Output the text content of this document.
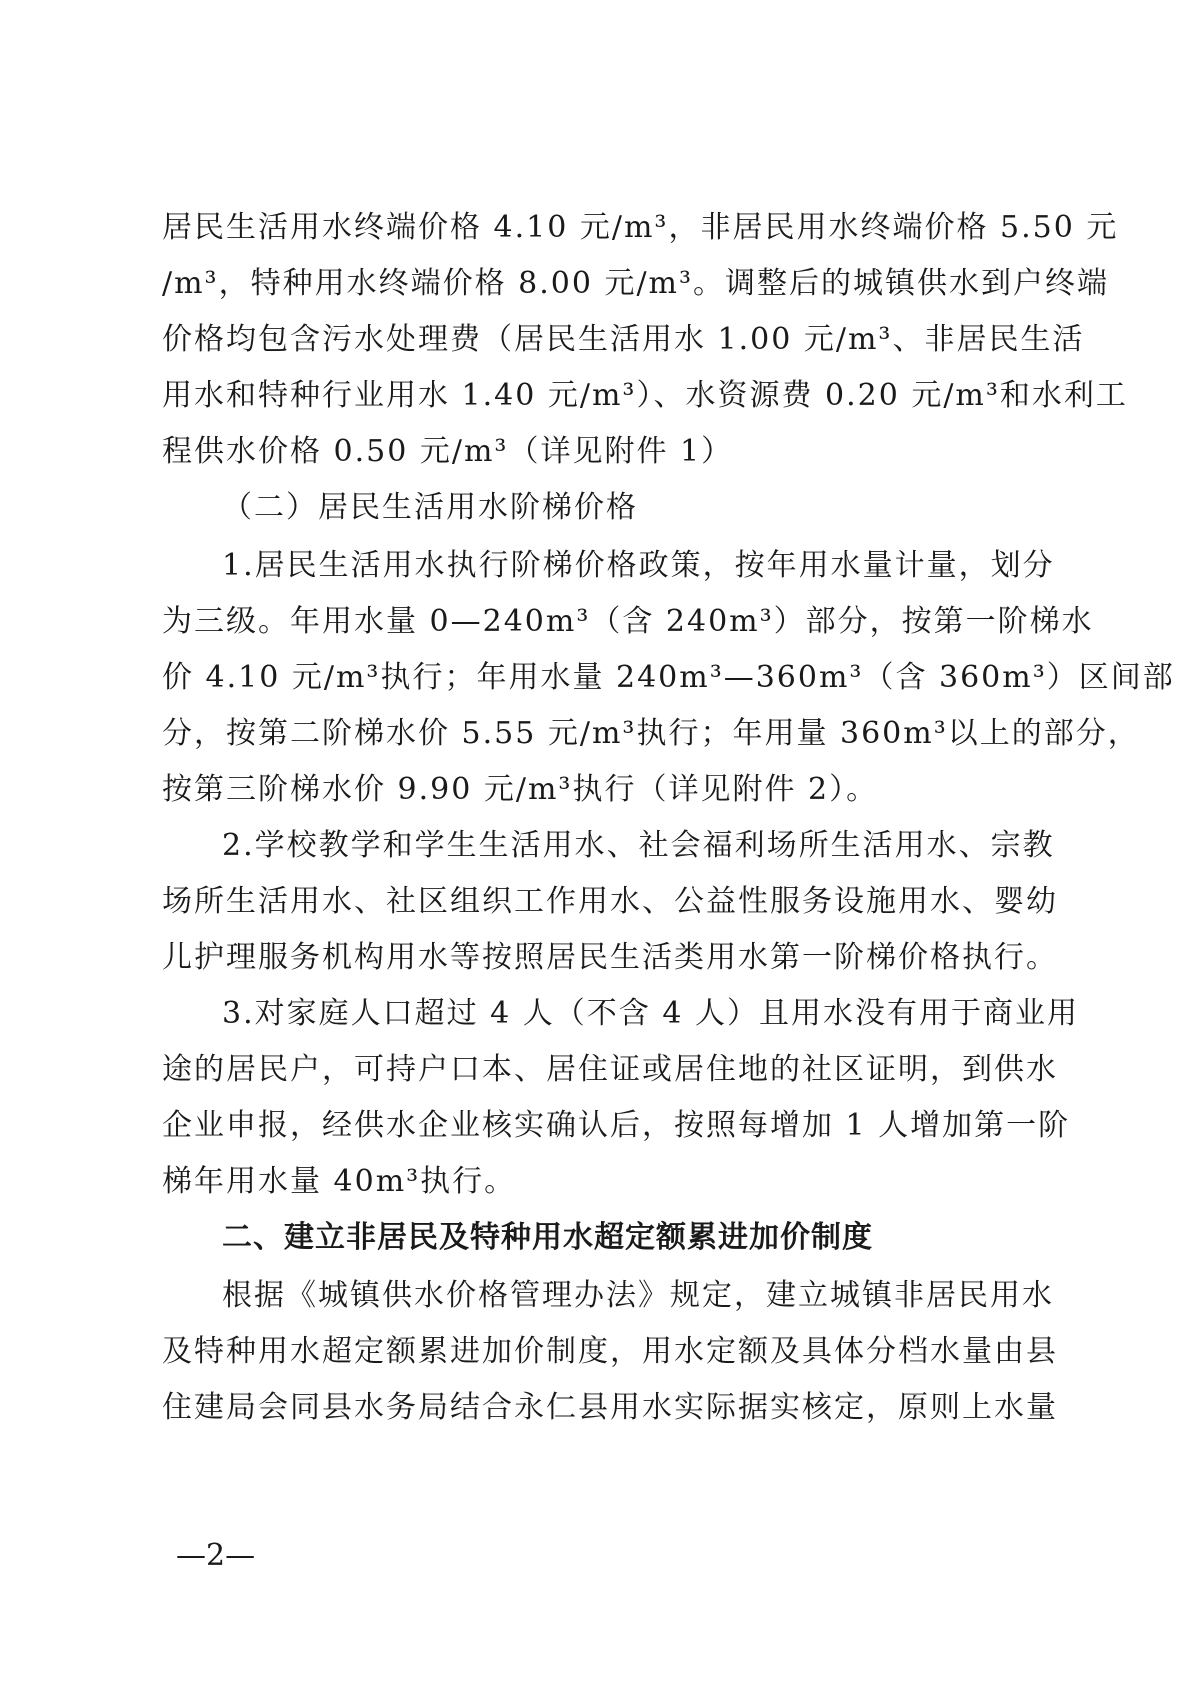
居民生活用水终端价格 4.10 元/m³，非居民用水终端价格 5.50 元
/m³，特种用水终端价格 8.00 元/m³。调整后的城镇供水到户终端
价格均包含污水处理费（居民生活用水 1.00 元/m³、非居民生活
用水和特种行业用水 1.40 元/m³）、水资源费 0.20 元/m³和水利工
程供水价格 0.50 元/m³（详见附件 1）
（二）居民生活用水阶梯价格
1.居民生活用水执行阶梯价格政策，按年用水量计量，划分
为三级。年用水量 0—240m³（含 240m³）部分，按第一阶梯水
价 4.10 元/m³执行；年用水量 240m³—360m³（含 360m³）区间部
分，按第二阶梯水价 5.55 元/m³执行；年用量 360m³以上的部分，
按第三阶梯水价 9.90 元/m³执行（详见附件 2）。
2.学校教学和学生生活用水、社会福利场所生活用水、宗教
场所生活用水、社区组织工作用水、公益性服务设施用水、婴幼
儿护理服务机构用水等按照居民生活类用水第一阶梯价格执行。
3.对家庭人口超过 4 人（不含 4 人）且用水没有用于商业用
途的居民户，可持户口本、居住证或居住地的社区证明，到供水
企业申报，经供水企业核实确认后，按照每增加 1 人增加第一阶
梯年用水量 40m³执行。
二、建立非居民及特种用水超定额累进加价制度
根据《城镇供水价格管理办法》规定，建立城镇非居民用水
及特种用水超定额累进加价制度，用水定额及具体分档水量由县
住建局会同县水务局结合永仁县用水实际据实核定，原则上水量
—2—
